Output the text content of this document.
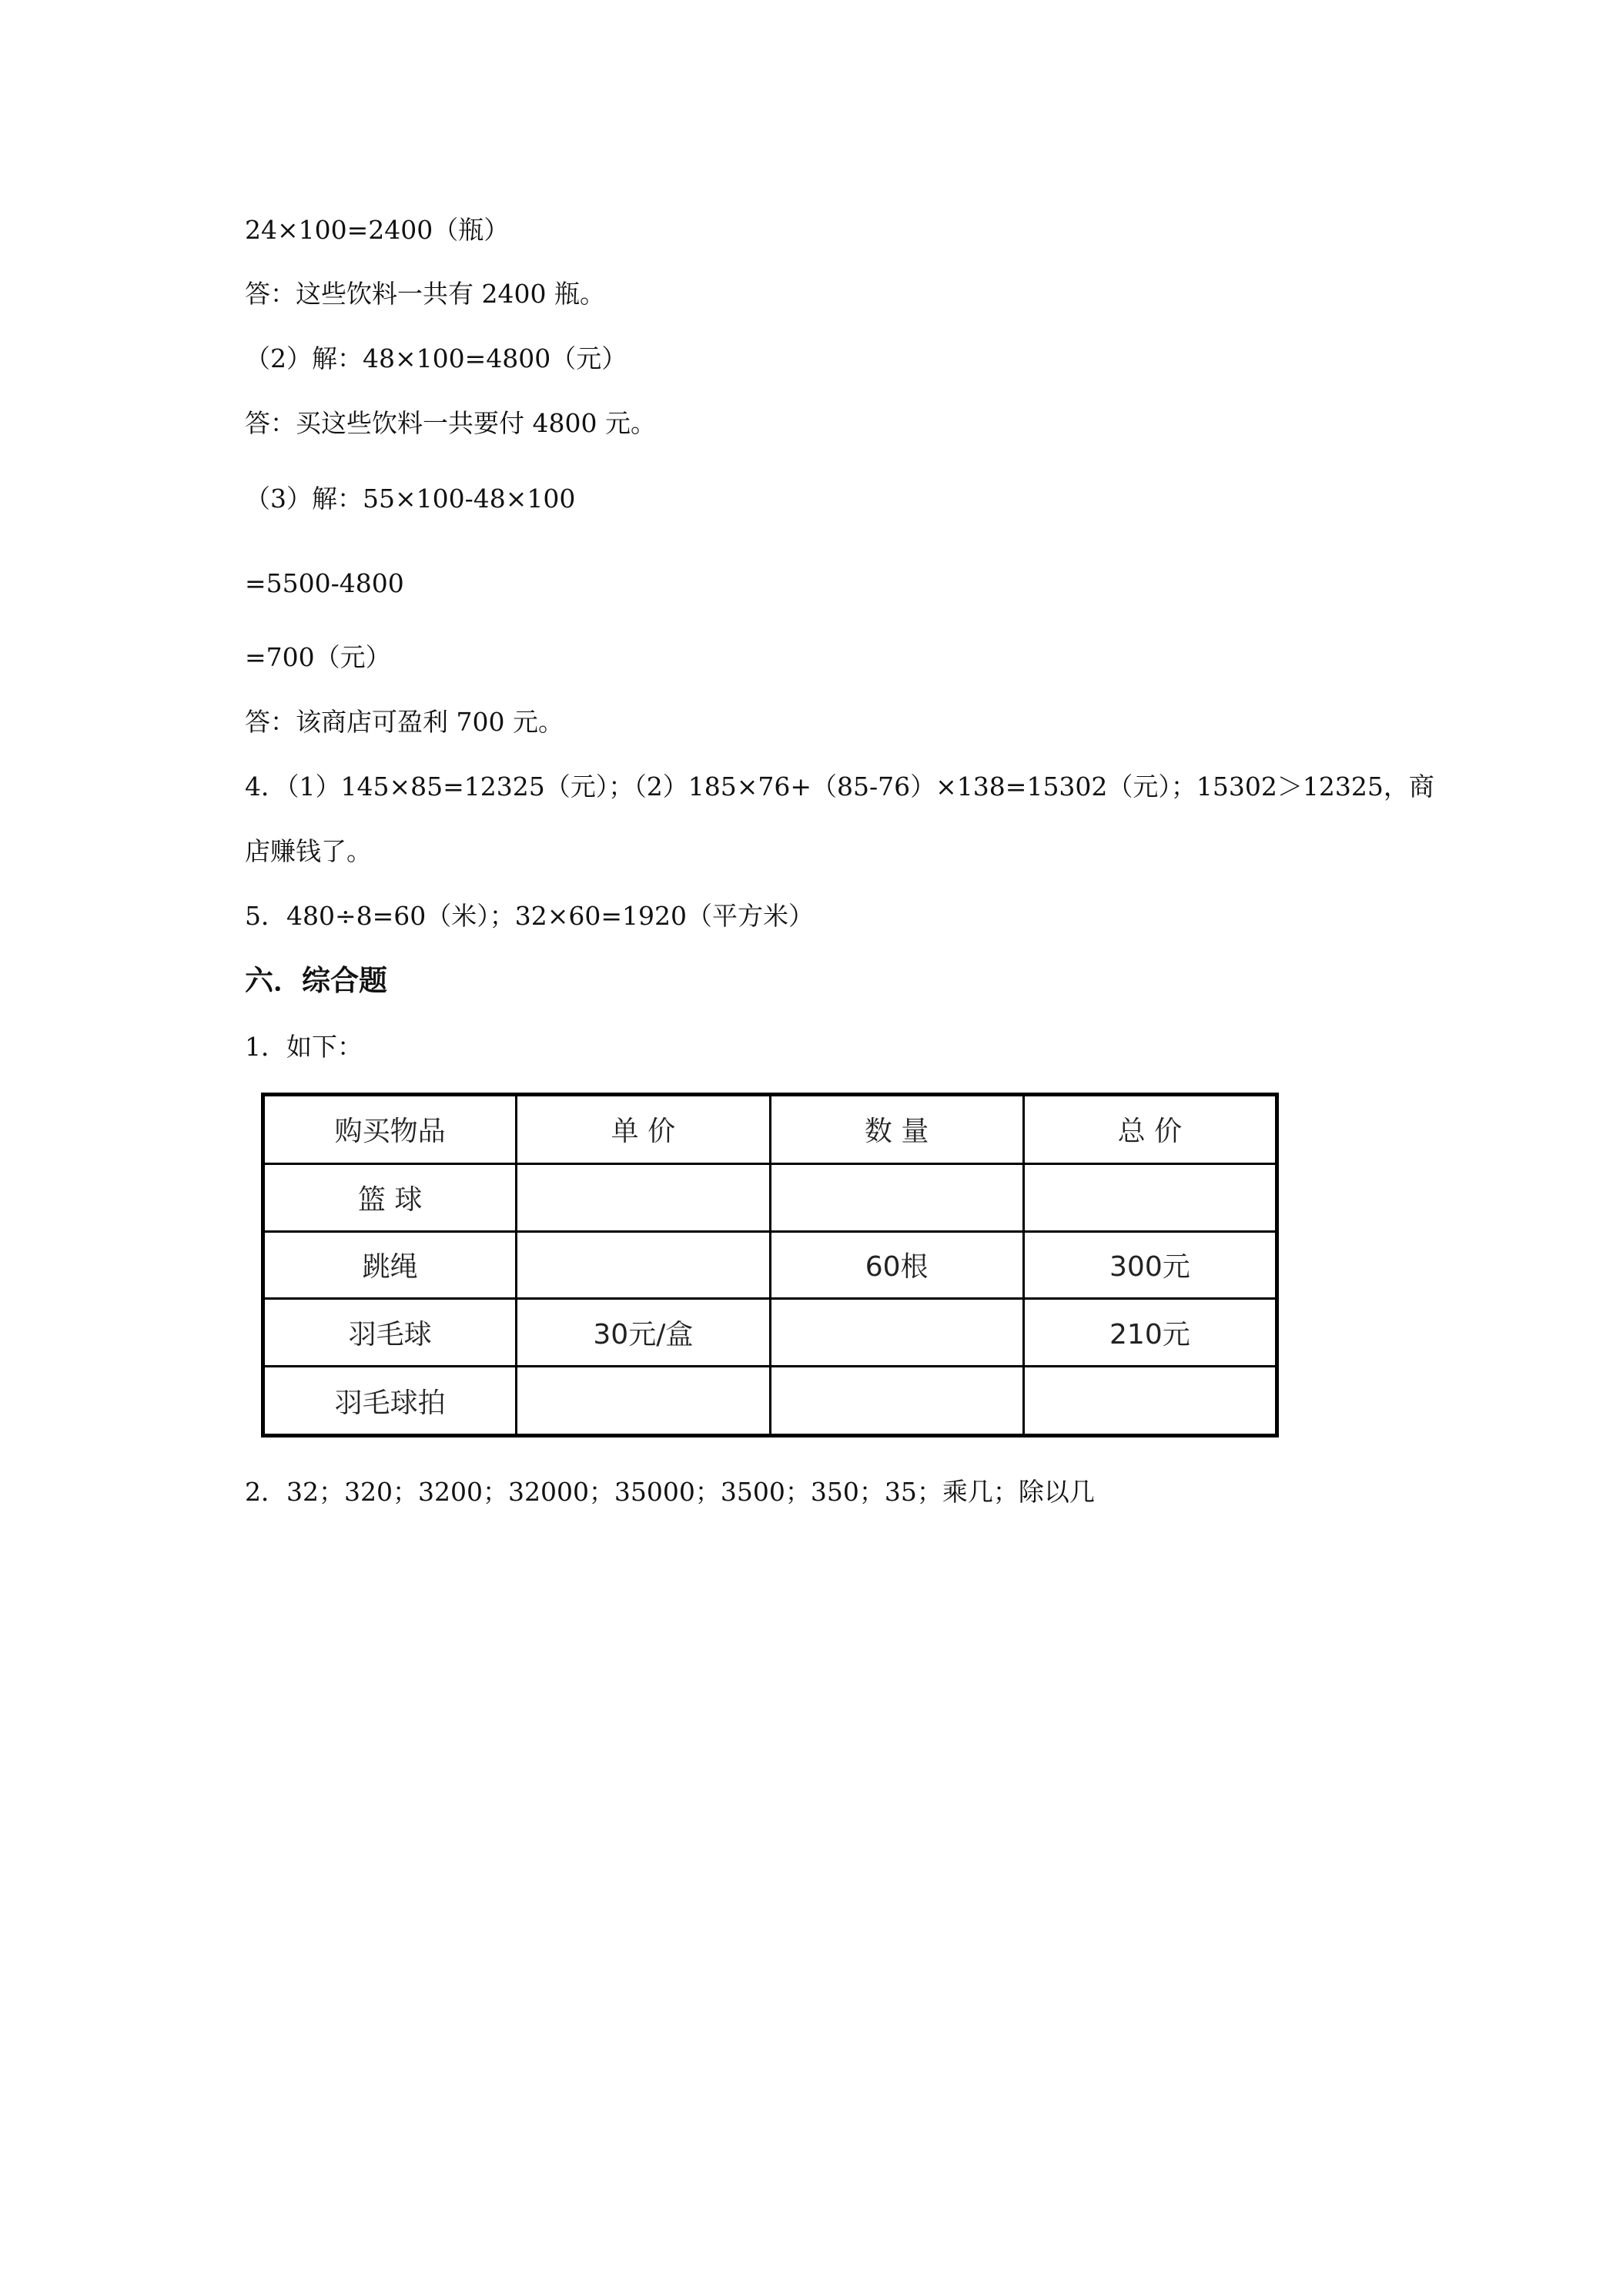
24×100=2400（瓶）
答：这些饮料一共有 2400 瓶。
（2）解：48×100=4800（元）
答：买这些饮料一共要付 4800 元。
（3）解：55×100-48×100
=5500-4800
=700（元）
答：该商店可盈利 700 元。
4．（1）145×85=12325（元）；（2）185×76+（85-76）×138=15302（元）；15302＞12325，商
店赚钱了。
5．480÷8=60（米）；32×60=1920（平方米）
六．综合题
1．如下：
购买物品	单 价	数 量	总 价
篮 球			
跳绳		60根	300元
羽毛球	30元/盒		210元
羽毛球拍			
2．32；320；3200；32000；35000；3500；350；35；乘几；除以几
